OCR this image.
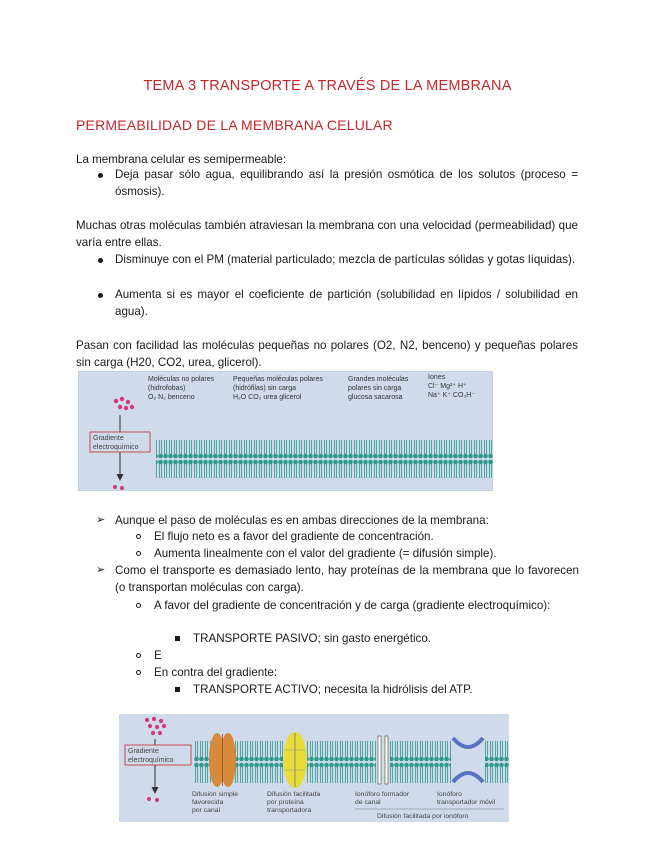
TEMA 3 TRANSPORTE A TRAVÉS DE LA MEMBRANA
PERMEABILIDAD DE LA MEMBRANA CELULAR
La membrana celular es semipermeable:
Deja pasar sólo agua, equilibrando así la presión osmótica de los solutos (proceso = ósmosis).
Muchas otras moléculas también atraviesan la membrana con una velocidad (permeabilidad) que varía entre ellas.
Disminuye con el PM (material particulado; mezcla de partículas sólidas y gotas líquidas).
Aumenta si es mayor el coeficiente de partición (solubilidad en lípidos / solubilidad en agua).
Pasan con facilidad las moléculas pequeñas no polares (O2, N2, benceno) y pequeñas polares sin carga (H20, CO2, urea, glicerol).
Gradiente
electroquímico
Moléculas no polares
(hidrofobas)
O₂ N₂ benceno
Pequeñas moléculas polares
(hidrófilas) sin carga
H₂O CO₂ urea glicerol
Grandes moléculas
polares sin carga
glucosa sacarosa
Iones
Cl⁻ Mg²⁺ H⁺
Na⁺ K⁺ CO₃H⁻
➢ Aunque el paso de moléculas es en ambas direcciones de la membrana:
El flujo neto es a favor del gradiente de concentración.
Aumenta linealmente con el valor del gradiente (= difusión simple).
➢ Como el transporte es demasiado lento, hay proteínas de la membrana que lo favorecen (o transportan moléculas con carga).
A favor del gradiente de concentración y de carga (gradiente electroquímico):
TRANSPORTE PASIVO; sin gasto energético.
E
En contra del gradiente:
TRANSPORTE ACTIVO; necesita la hidrólisis del ATP.
Gradiente
electroquímico
Difusión simple
favorecida
por canal
Difusión facilitada
por proteína
transportadora
Ionóforo formador
de canal
Ionóforo
transportador móvil
Difusión facilitada por ionóforo
